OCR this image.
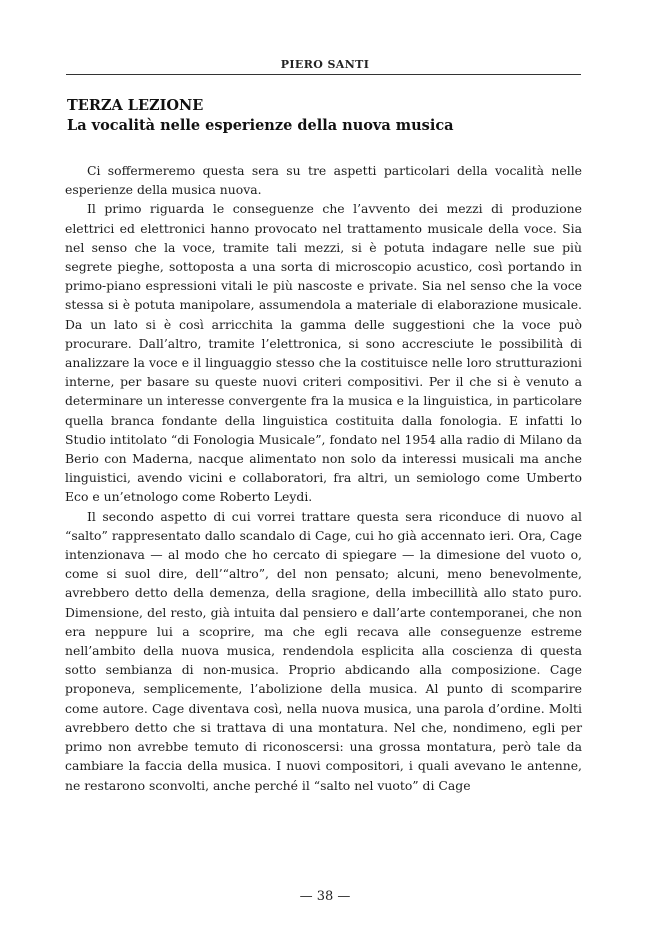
PIERO SANTI
TERZA LEZIONE
La vocalità nelle esperienze della nuova musica

Ci soffermeremo questa sera su tre aspetti particolari della vocalità nelle esperienze della musica nuova.

Il primo riguarda le conseguenze che l’avvento dei mezzi di produzione elettrici ed elettronici hanno provocato nel trattamento musicale della voce. Sia nel senso che la voce, tramite tali mezzi, si è potuta indagare nelle sue più segrete pieghe, sottoposta a una sorta di microscopio acustico, così portando in primo-piano espressioni vitali le più nascoste e private. Sia nel senso che la voce stessa si è potuta manipolare, assumendola a materiale di elaborazione musicale. Da un lato si è così arricchita la gamma delle suggestioni che la voce può procurare. Dall’altro, tramite l’elettronica, si sono accresciute le possibilità di analizzare la voce e il linguaggio stesso che la costituisce nelle loro strutturazioni interne, per basare su queste nuovi criteri compositivi. Per il che si è venuto a determinare un interesse convergente fra la musica e la linguistica, in particolare quella branca fondante della linguistica costituita dalla fonologia. E infatti lo Studio intitolato “di Fonologia Musicale”, fondato nel 1954 alla radio di Milano da Berio con Maderna, nacque alimentato non solo da interessi musicali ma anche linguistici, avendo vicini e collaboratori, fra altri, un semiologo come Umberto Eco e un’etnologo come Roberto Leydi.

Il secondo aspetto di cui vorrei trattare questa sera riconduce di nuovo al “salto” rappresentato dallo scandalo di Cage, cui ho già accennato ieri. Ora, Cage intenzionava — al modo che ho cercato di spiegare — la dimesione del vuoto o, come si suol dire, dell’“altro”, del non pensato; alcuni, meno benevolmente, avrebbero detto della demenza, della sragione, della imbecillità allo stato puro. Dimensione, del resto, già intuita dal pensiero e dall’arte contemporanei, che non era neppure lui a scoprire, ma che egli recava alle conseguenze estreme nell’ambito della nuova musica, rendendola esplicita alla coscienza di questa sotto sembianza di non-musica. Proprio abdicando alla composizione. Cage proponeva, semplicemente, l’abolizione della musica. Al punto di scomparire come autore. Cage diventava così, nella nuova musica, una parola d’ordine. Molti avrebbero detto che si trattava di una montatura. Nel che, nondimeno, egli per primo non avrebbe temuto di riconoscersi: una grossa montatura, però tale da cambiare la faccia della musica. I nuovi compositori, i quali avevano le antenne, ne restarono sconvolti, anche perché il “salto nel vuoto” di Cage

— 38 —
